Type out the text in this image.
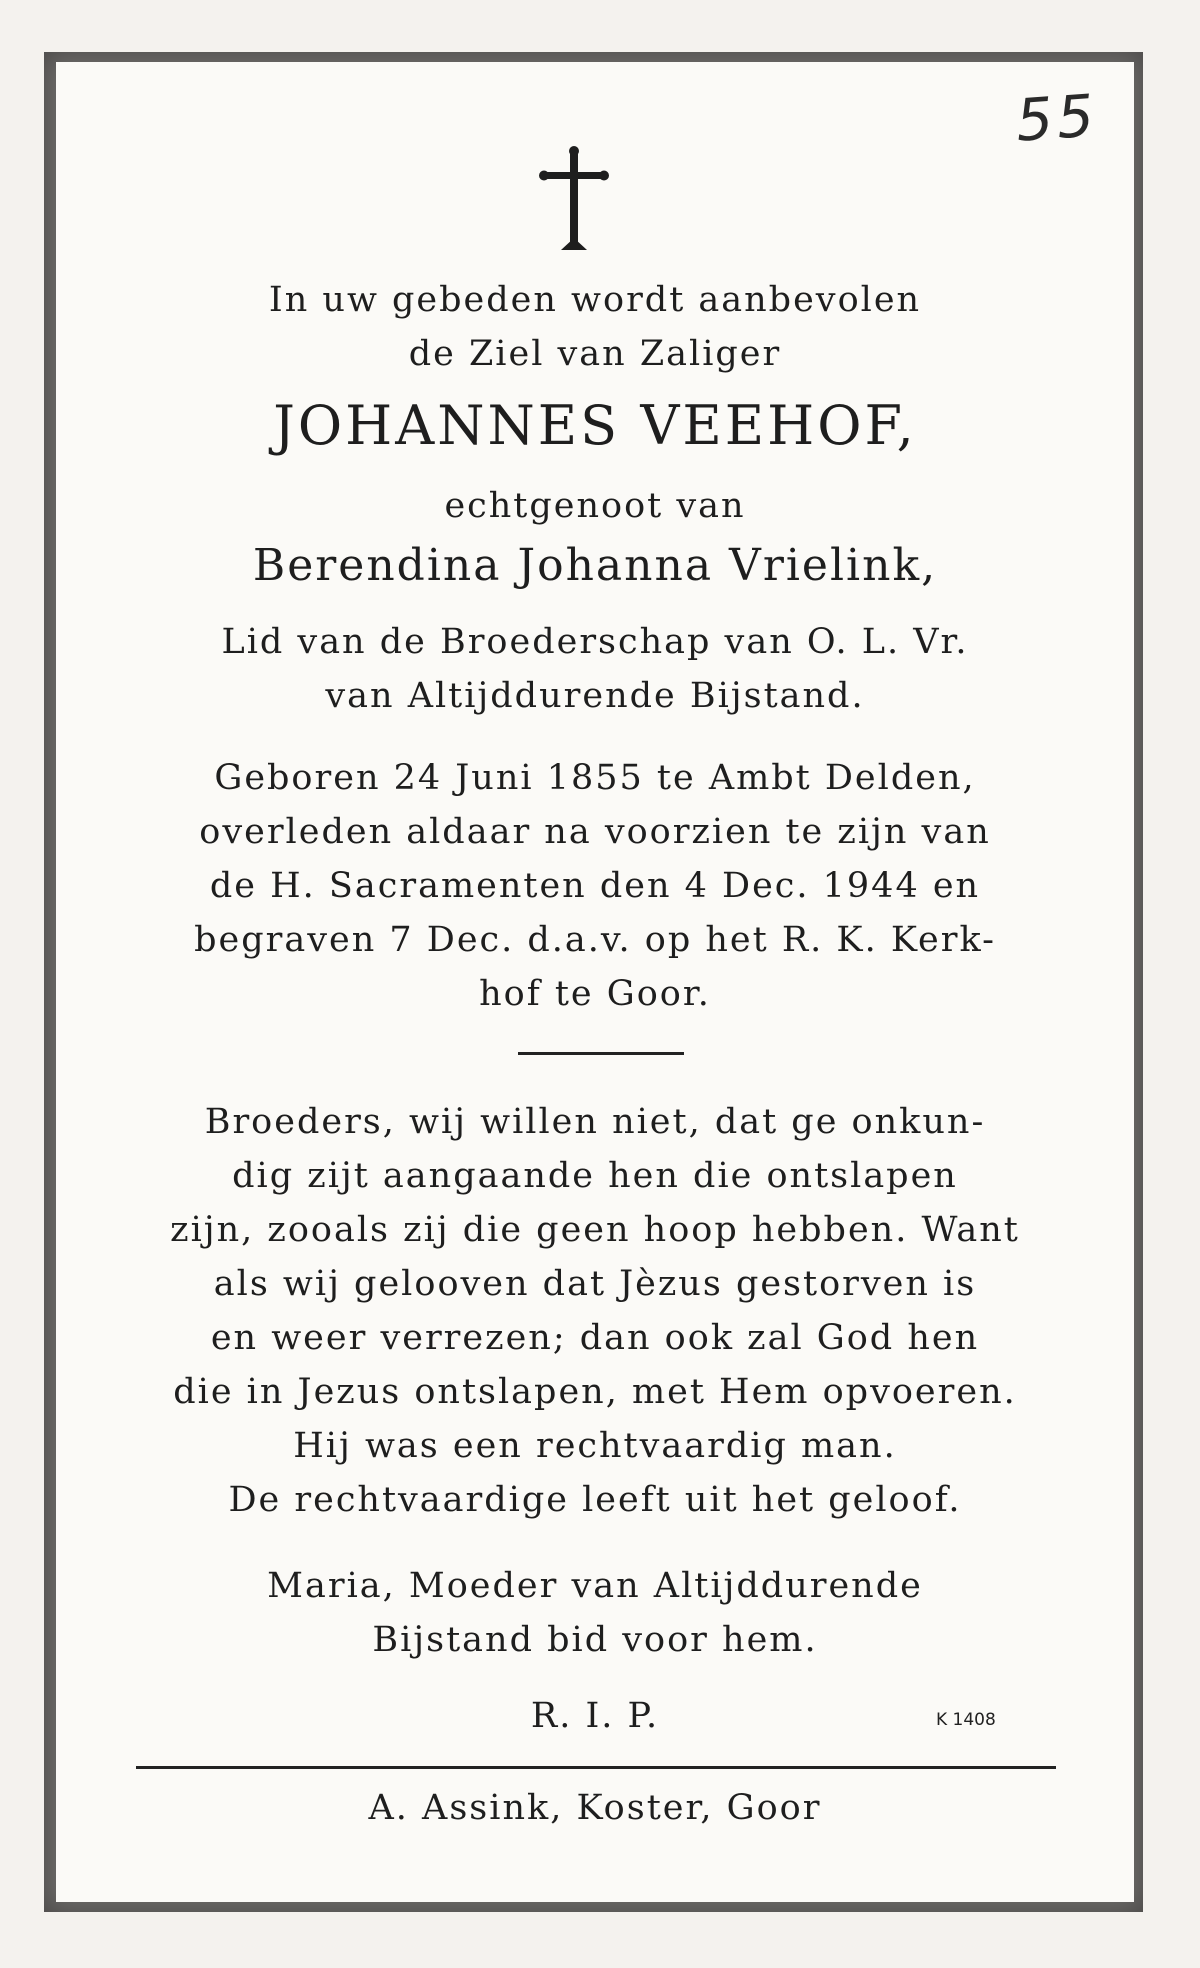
55
In uw gebeden wordt aanbevolen
de Ziel van Zaliger
JOHANNES VEEHOF,
echtgenoot van
Berendina Johanna Vrielink,
Lid van de Broederschap van O. L. Vr.
van Altijddurende Bijstand.
Geboren 24 Juni 1855 te Ambt Delden,
overleden aldaar na voorzien te zijn van
de H. Sacramenten den 4 Dec. 1944 en
begraven 7 Dec. d.a.v. op het R. K. Kerk-
hof te Goor.
Broeders, wij willen niet, dat ge onkun-
dig zijt aangaande hen die ontslapen
zijn, zooals zij die geen hoop hebben. Want
als wij gelooven dat Jèzus gestorven is
en weer verrezen; dan ook zal God hen
die in Jezus ontslapen, met Hem opvoeren.
Hij was een rechtvaardig man.
De rechtvaardige leeft uit het geloof.
Maria, Moeder van Altijddurende
Bijstand bid voor hem.
R. I. P.	K 1408
A. Assink, Koster, Goor
